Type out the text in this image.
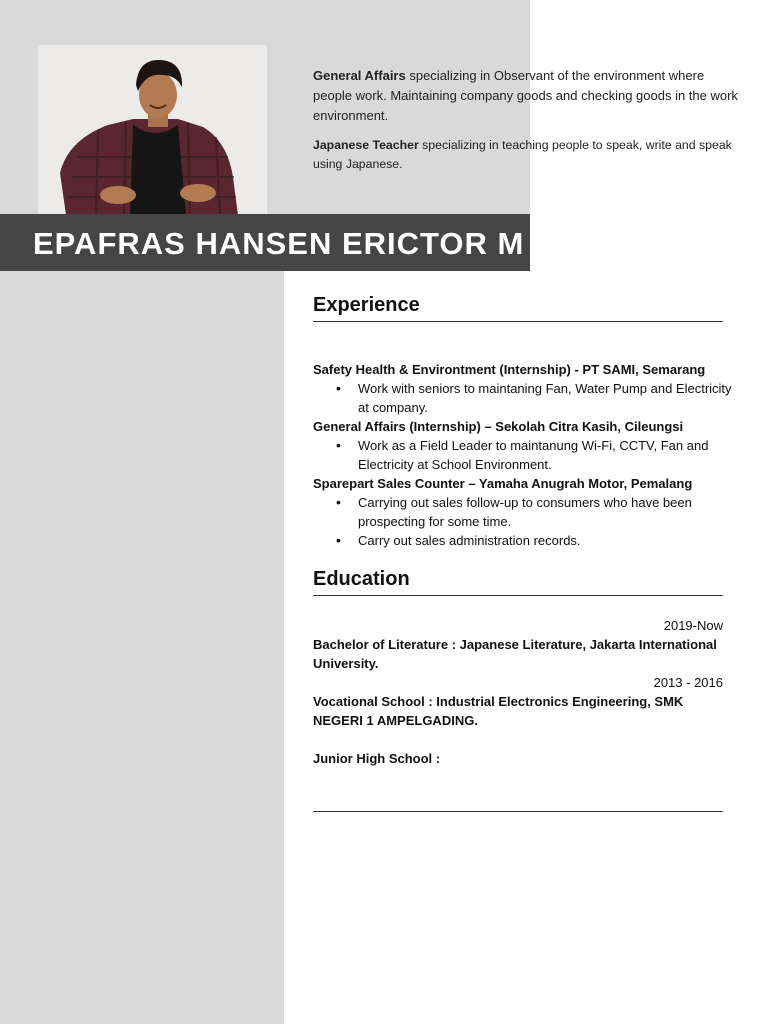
EPAFRAS HANSEN ERICTOR M

General Affairs specializing in Observant of the environment where people work. Maintaining company goods and checking goods in the work environment.

Japanese Teacher specializing in teaching people to speak, write and speak using Japanese.

Experience

Safety Health & Environtment (Internship) - PT SAMI, Semarang

• Work with seniors to maintaning Fan, Water Pump and Electricity at company.

General Affairs (Internship) – Sekolah Citra Kasih, Cileungsi

• Work as a Field Leader to maintanung Wi-Fi, CCTV, Fan and Electricity at School Environment.

Sparepart Sales Counter – Yamaha Anugrah Motor, Pemalang

• Carrying out sales follow-up to consumers who have been prospecting for some time.
• Carry out sales administration records.
Education
2019-Now
Bachelor of Literature : Japanese Literature, Jakarta International University.
2013 - 2016
Vocational School : Industrial Electronics Engineering, SMK NEGERI 1 AMPELGADING.
Junior High School :
